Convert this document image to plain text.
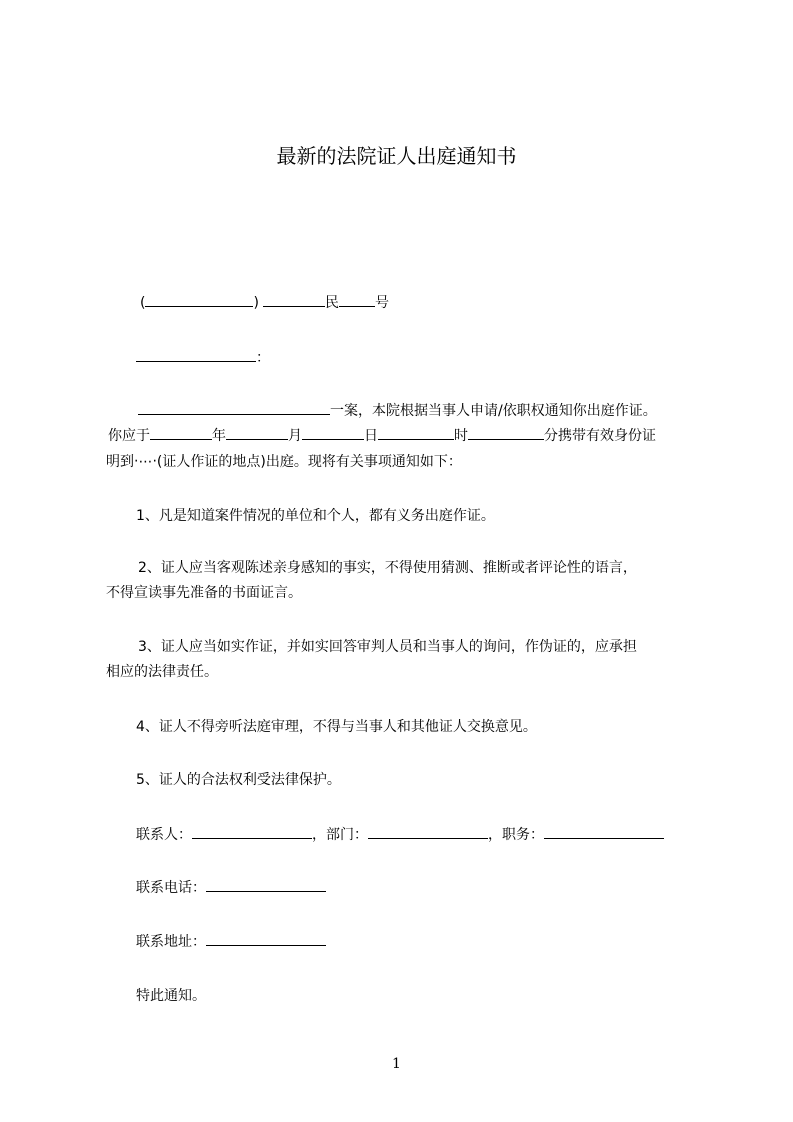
最新的法院证人出庭通知书
(	)	民	号
：
一案，本院根据当事人申请/依职权通知你出庭作证。
你应于	年	月	日	时	分携带有效身份证
明到‧⋯‧(证人作证的地点)出庭。现将有关事项通知如下：
1、凡是知道案件情况的单位和个人，都有义务出庭作证。
2、证人应当客观陈述亲身感知的事实，不得使用猜测、推断或者评论性的语言，
不得宣读事先准备的书面证言。
3、证人应当如实作证，并如实回答审判人员和当事人的询问，作伪证的，应承担
相应的法律责任。
4、证人不得旁听法庭审理，不得与当事人和其他证人交换意见。
5、证人的合法权利受法律保护。
联系人：	，部门：	，职务：
联系电话：
联系地址：
特此通知。
1
